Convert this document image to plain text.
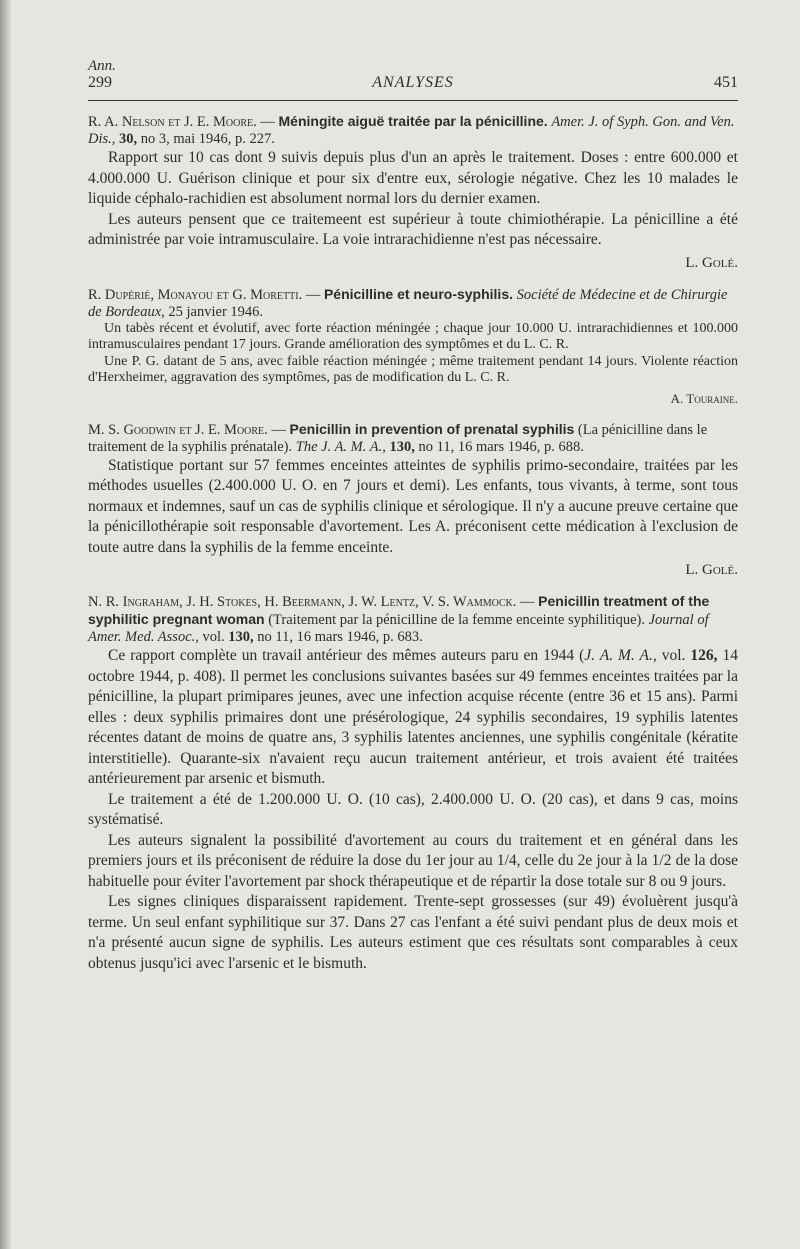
Ann.
299	ANALYSES	451
R. A. Nelson et J. E. Moore. — Méningite aiguë traitée par la pénicilline. Amer. J. of Syph. Gon. and Ven. Dis., 30, no 3, mai 1946, p. 227.

Rapport sur 10 cas dont 9 suivis depuis plus d'un an après le traitement. Doses : entre 600.000 et 4.000.000 U. Guérison clinique et pour six d'entre eux, sérologie négative. Chez les 10 malades le liquide céphalo-rachidien est absolument normal lors du dernier examen.

Les auteurs pensent que ce traitemeent est supérieur à toute chimiothérapie. La pénicilline a été administrée par voie intramusculaire. La voie intrarachidienne n'est pas nécessaire.

L. Golé.
R. Dupérié, Monayou et G. Moretti. — Pénicilline et neuro-syphilis. Société de Médecine et de Chirurgie de Bordeaux, 25 janvier 1946.

Un tabès récent et évolutif, avec forte réaction méningée ; chaque jour 10.000 U. intrarachidiennes et 100.000 intramusculaires pendant 17 jours. Grande amélioration des symptômes et du L. C. R.

Une P. G. datant de 5 ans, avec faible réaction méningée ; même traitement pendant 14 jours. Violente réaction d'Herxheimer, aggravation des symptômes, pas de modification du L. C. R.

A. Touraine.
M. S. Goodwin et J. E. Moore. — Penicillin in prevention of prenatal syphilis (La pénicilline dans le traitement de la syphilis prénatale). The J. A. M. A., 130, no 11, 16 mars 1946, p. 688.

Statistique portant sur 57 femmes enceintes atteintes de syphilis primo-secondaire, traitées par les méthodes usuelles (2.400.000 U. O. en 7 jours et demi). Les enfants, tous vivants, à terme, sont tous normaux et indemnes, sauf un cas de syphilis clinique et sérologique. Il n'y a aucune preuve certaine que la pénicillothérapie soit responsable d'avortement. Les A. préconisent cette médication à l'exclusion de toute autre dans la syphilis de la femme enceinte.

L. Golé.
N. R. Ingraham, J. H. Stokes, H. Beermann, J. W. Lentz, V. S. Wammock. — Penicillin treatment of the syphilitic pregnant woman (Traitement par la pénicilline de la femme enceinte syphilitique). Journal of Amer. Med. Assoc., vol. 130, no 11, 16 mars 1946, p. 683.

Ce rapport complète un travail antérieur des mêmes auteurs paru en 1944 (J. A. M. A., vol. 126, 14 octobre 1944, p. 408). Il permet les conclusions suivantes basées sur 49 femmes enceintes traitées par la pénicilline, la plupart primipares jeunes, avec une infection acquise récente (entre 36 et 15 ans). Parmi elles : deux syphilis primaires dont une présérologique, 24 syphilis secondaires, 19 syphilis latentes récentes datant de moins de quatre ans, 3 syphilis latentes anciennes, une syphilis congénitale (kératite interstitielle). Quarante-six n'avaient reçu aucun traitement antérieur, et trois avaient été traitées antérieurement par arsenic et bismuth.

Le traitement a été de 1.200.000 U. O. (10 cas), 2.400.000 U. O. (20 cas), et dans 9 cas, moins systématisé.

Les auteurs signalent la possibilité d'avortement au cours du traitement et en général dans les premiers jours et ils préconisent de réduire la dose du 1er jour au 1/4, celle du 2e jour à la 1/2 de la dose habituelle pour éviter l'avortement par shock thérapeutique et de répartir la dose totale sur 8 ou 9 jours.

Les signes cliniques disparaissent rapidement. Trente-sept grossesses (sur 49) évoluèrent jusqu'à terme. Un seul enfant syphilitique sur 37. Dans 27 cas l'enfant a été suivi pendant plus de deux mois et n'a présenté aucun signe de syphilis. Les auteurs estiment que ces résultats sont comparables à ceux obtenus jusqu'ici avec l'arsenic et le bismuth.
